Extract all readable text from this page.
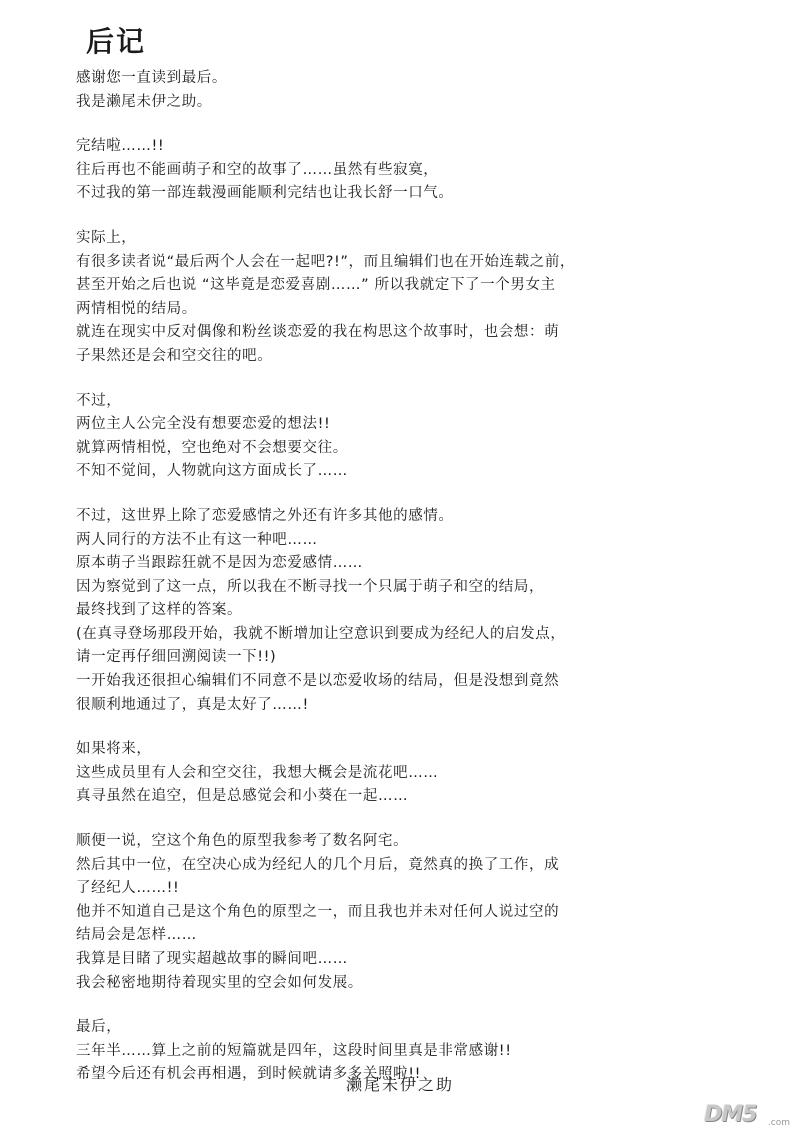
后记
感谢您一直读到最后。
我是濑尾未伊之助。
完结啦……!!
往后再也不能画萌子和空的故事了……虽然有些寂寞，
不过我的第一部连载漫画能顺利完结也让我长舒一口气。
实际上，
有很多读者说“最后两个人会在一起吧?!”，而且编辑们也在开始连载之前，
甚至开始之后也说 “这毕竟是恋爱喜剧……” 所以我就定下了一个男女主
两情相悦的结局。
就连在现实中反对偶像和粉丝谈恋爱的我在构思这个故事时，也会想：萌
子果然还是会和空交往的吧。
不过，
两位主人公完全没有想要恋爱的想法!!
就算两情相悦，空也绝对不会想要交往。
不知不觉间，人物就向这方面成长了……
不过，这世界上除了恋爱感情之外还有许多其他的感情。
两人同行的方法不止有这一种吧……
原本萌子当跟踪狂就不是因为恋爱感情……
因为察觉到了这一点，所以我在不断寻找一个只属于萌子和空的结局，
最终找到了这样的答案。
(在真寻登场那段开始，我就不断增加让空意识到要成为经纪人的启发点，
请一定再仔细回溯阅读一下!!)
一开始我还很担心编辑们不同意不是以恋爱收场的结局，但是没想到竟然
很顺利地通过了，真是太好了……!
如果将来，
这些成员里有人会和空交往，我想大概会是流花吧……
真寻虽然在追空，但是总感觉会和小葵在一起……
顺便一说，空这个角色的原型我参考了数名阿宅。
然后其中一位，在空决心成为经纪人的几个月后，竟然真的换了工作，成
了经纪人……!!
他并不知道自己是这个角色的原型之一，而且我也并未对任何人说过空的
结局会是怎样……
我算是目睹了现实超越故事的瞬间吧……
我会秘密地期待着现实里的空会如何发展。
最后，
三年半……算上之前的短篇就是四年，这段时间里真是非常感谢!!
希望今后还有机会再相遇，到时候就请多多关照啦!!
濑尾未伊之助
DM5 .com
